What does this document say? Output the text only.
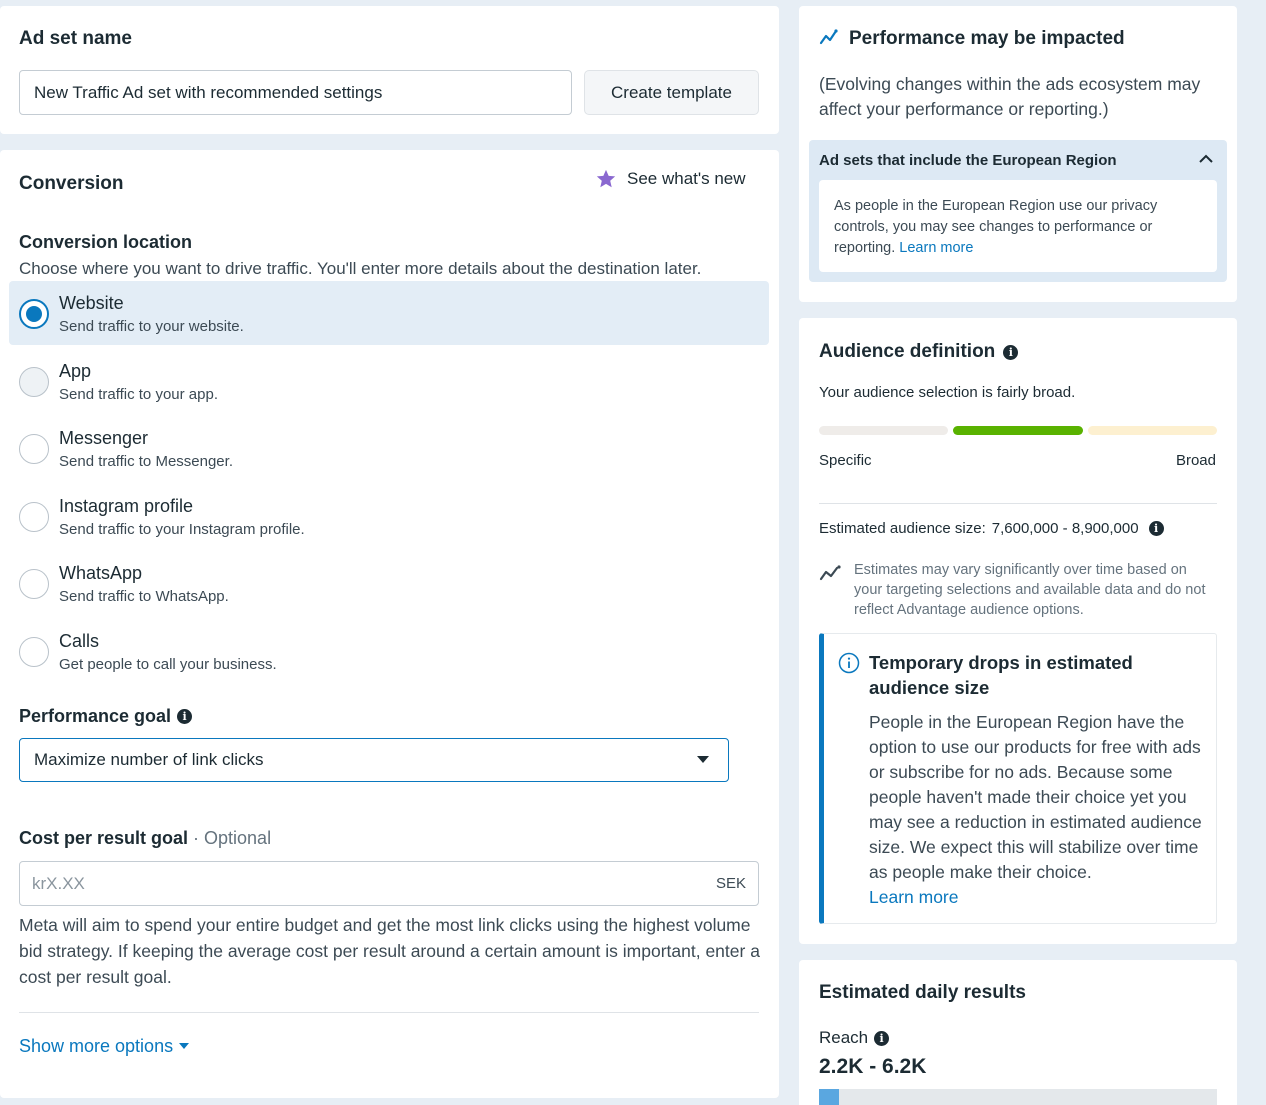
Ad set name
New Traffic Ad set with recommended settings	Create template
Conversion	See what's new
Conversion location
Choose where you want to drive traffic. You'll enter more details about the destination later.
Website
Send traffic to your website.
App
Send traffic to your app.
Messenger
Send traffic to Messenger.
Instagram profile
Send traffic to your Instagram profile.
WhatsApp
Send traffic to WhatsApp.
Calls
Get people to call your business.
Performance goal	i
Maximize number of link clicks
Cost per result goal · Optional
krX.XX	SEK
Meta will aim to spend your entire budget and get the most link clicks using the highest volume bid strategy. If keeping the average cost per result around a certain amount is important, enter a cost per result goal.
Show more options
Performance may be impacted
(Evolving changes within the ads ecosystem may affect your performance or reporting.)
Ad sets that include the European Region
As people in the European Region use our privacy controls, you may see changes to performance or reporting. Learn more
Audience definition	i
Your audience selection is fairly broad.
Specific	Broad
Estimated audience size: 7,600,000 - 8,900,000	i
Estimates may vary significantly over time based on your targeting selections and available data and do not reflect Advantage audience options.
Temporary drops in estimated audience size
People in the European Region have the option to use our products for free with ads or subscribe for no ads. Because some people haven't made their choice yet you may see a reduction in estimated audience size. We expect this will stabilize over time as people make their choice.
Learn more
Estimated daily results
Reach	i
2.2K - 6.2K
